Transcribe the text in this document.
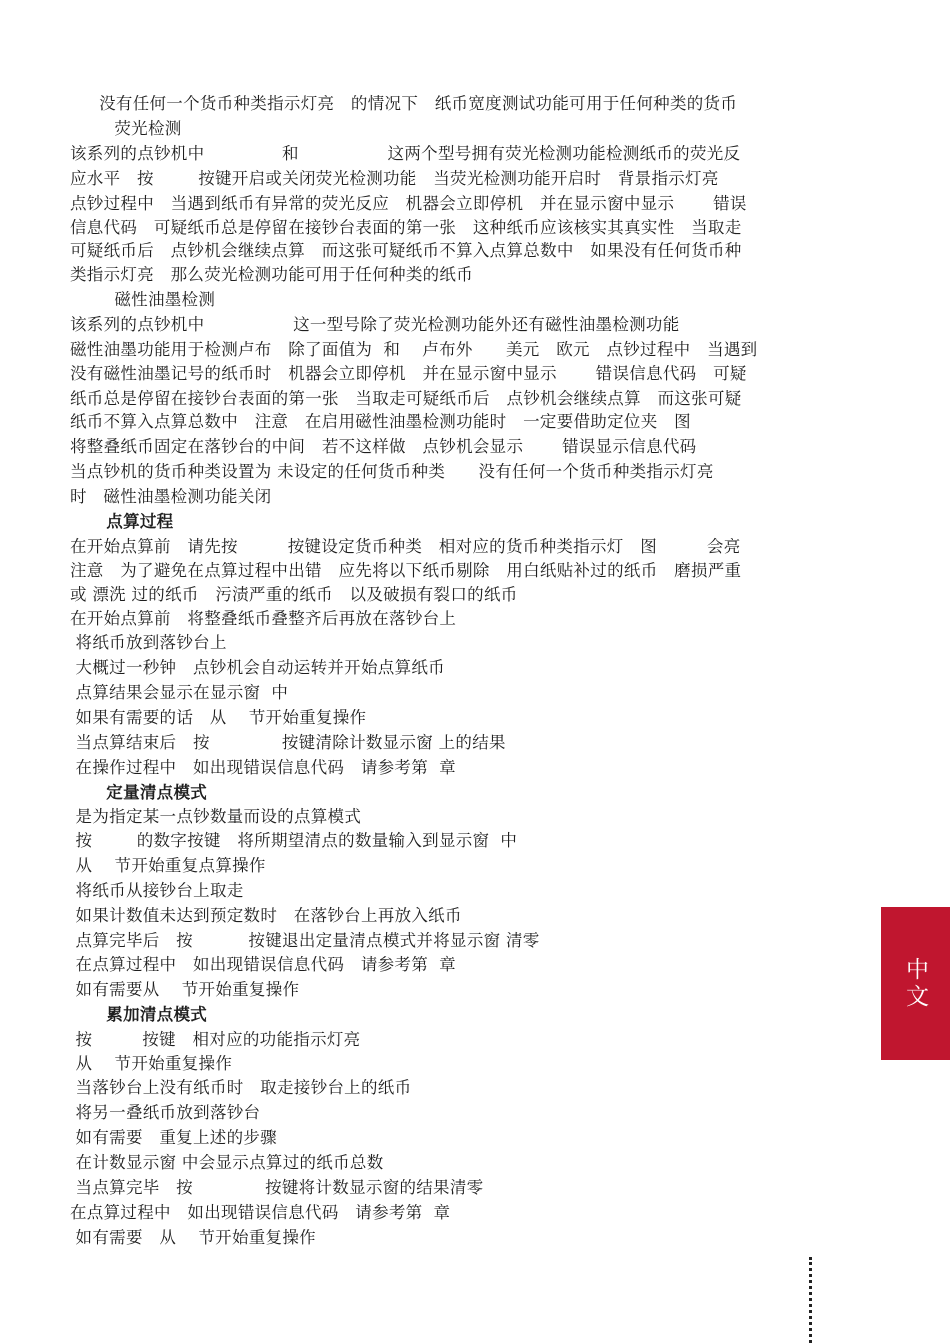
没有任何一个货币种类指示灯亮   的情况下   纸币宽度测试功能可用于任何种类的货币
荧光检测
该系列的点钞机中              和                这两个型号拥有荧光检测功能检测纸币的荧光反
应水平   按        按键开启或关闭荧光检测功能   当荧光检测功能开启时   背景指示灯亮
点钞过程中   当遇到纸币有异常的荧光反应   机器会立即停机   并在显示窗中显示       错误
信息代码   可疑纸币总是停留在接钞台表面的第一张   这种纸币应该核实其真实性   当取走
可疑纸币后   点钞机会继续点算   而这张可疑纸币不算入点算总数中   如果没有任何货币种
类指示灯亮   那么荧光检测功能可用于任何种类的纸币
磁性油墨检测
该系列的点钞机中                这一型号除了荧光检测功能外还有磁性油墨检测功能
磁性油墨功能用于检测卢布   除了面值为  和    卢布外      美元   欧元   点钞过程中   当遇到
没有磁性油墨记号的纸币时   机器会立即停机   并在显示窗中显示       错误信息代码   可疑
纸币总是停留在接钞台表面的第一张   当取走可疑纸币后   点钞机会继续点算   而这张可疑
纸币不算入点算总数中   注意   在启用磁性油墨检测功能时   一定要借助定位夹   图
将整叠纸币固定在落钞台的中间   若不这样做   点钞机会显示       错误显示信息代码
当点钞机的货币种类设置为 未设定的任何货币种类      没有任何一个货币种类指示灯亮
时   磁性油墨检测功能关闭
点算过程
在开始点算前   请先按         按键设定货币种类   相对应的货币种类指示灯   图         会亮
注意   为了避免在点算过程中出错   应先将以下纸币剔除   用白纸贴补过的纸币   磨损严重
或 漂洗 过的纸币   污渍严重的纸币   以及破损有裂口的纸币
在开始点算前   将整叠纸币叠整齐后再放在落钞台上
将纸币放到落钞台上
大概过一秒钟   点钞机会自动运转并开始点算纸币
点算结果会显示在显示窗  中
如果有需要的话   从    节开始重复操作
当点算结束后   按             按键清除计数显示窗 上的结果
在操作过程中   如出现错误信息代码   请参考第  章
定量清点模式
是为指定某一点钞数量而设的点算模式
按        的数字按键   将所期望清点的数量输入到显示窗  中
从    节开始重复点算操作
将纸币从接钞台上取走
如果计数值未达到预定数时   在落钞台上再放入纸币
点算完毕后   按          按键退出定量清点模式并将显示窗 清零
在点算过程中   如出现错误信息代码   请参考第  章
如有需要从    节开始重复操作
累加清点模式
按         按键   相对应的功能指示灯亮
从    节开始重复操作
当落钞台上没有纸币时   取走接钞台上的纸币
将另一叠纸币放到落钞台
如有需要   重复上述的步骤
在计数显示窗 中会显示点算过的纸币总数
当点算完毕   按             按键将计数显示窗的结果清零
在点算过程中   如出现错误信息代码   请参考第  章
如有需要   从    节开始重复操作
中文
